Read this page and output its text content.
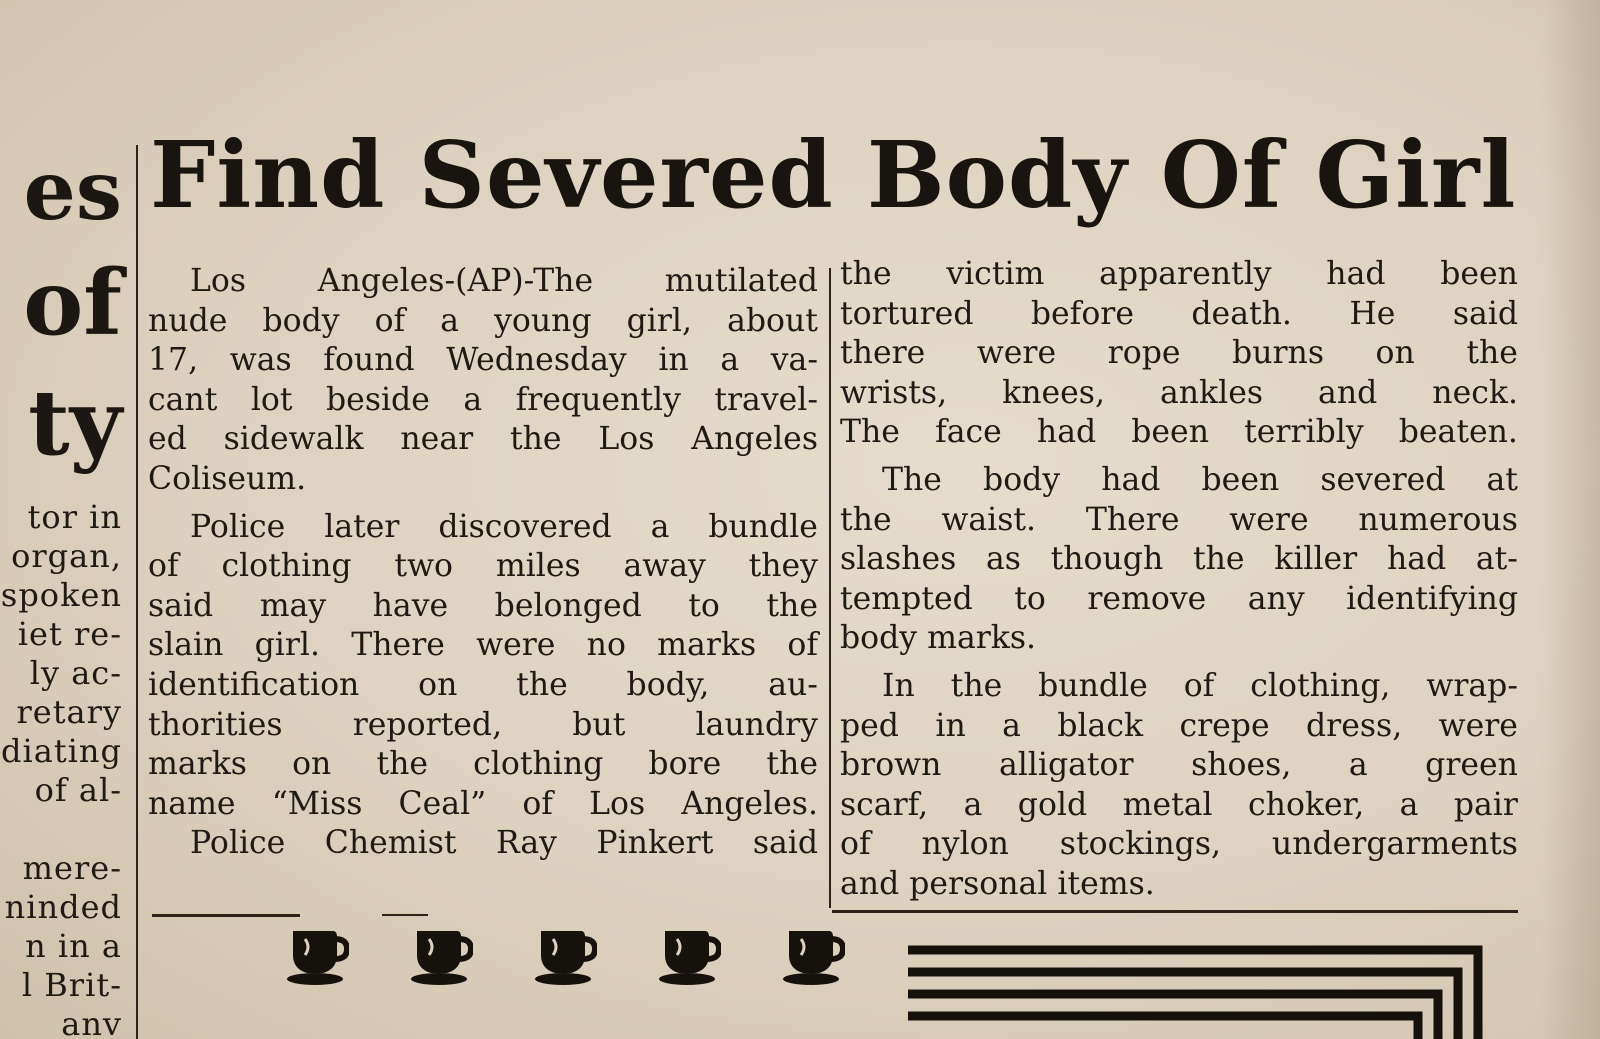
es
of
ty
tor in
organ,
spoken
iet re-
ly ac-
retary
diating
of al-
mere-
ninded
n in a
l Brit-
anv
Find Severed Body Of Girl
Los Angeles-(AP)-The mutilated
nude body of a young girl, about
17, was found Wednesday in a va-
cant lot beside a frequently travel-
ed sidewalk near the Los Angeles
Coliseum.
Police later discovered a bundle
of clothing two miles away they
said may have belonged to the
slain girl. There were no marks of
identification on the body, au-
thorities reported, but laundry
marks on the clothing bore the
name “Miss Ceal” of Los Angeles.
Police Chemist Ray Pinkert said
the victim apparently had been
tortured before death. He said
there were rope burns on the
wrists, knees, ankles and neck.
The face had been terribly beaten.
The body had been severed at
the waist. There were numerous
slashes as though the killer had at-
tempted to remove any identifying
body marks.
In the bundle of clothing, wrap-
ped in a black crepe dress, were
brown alligator shoes, a green
scarf, a gold metal choker, a pair
of nylon stockings, undergarments
and personal items.
